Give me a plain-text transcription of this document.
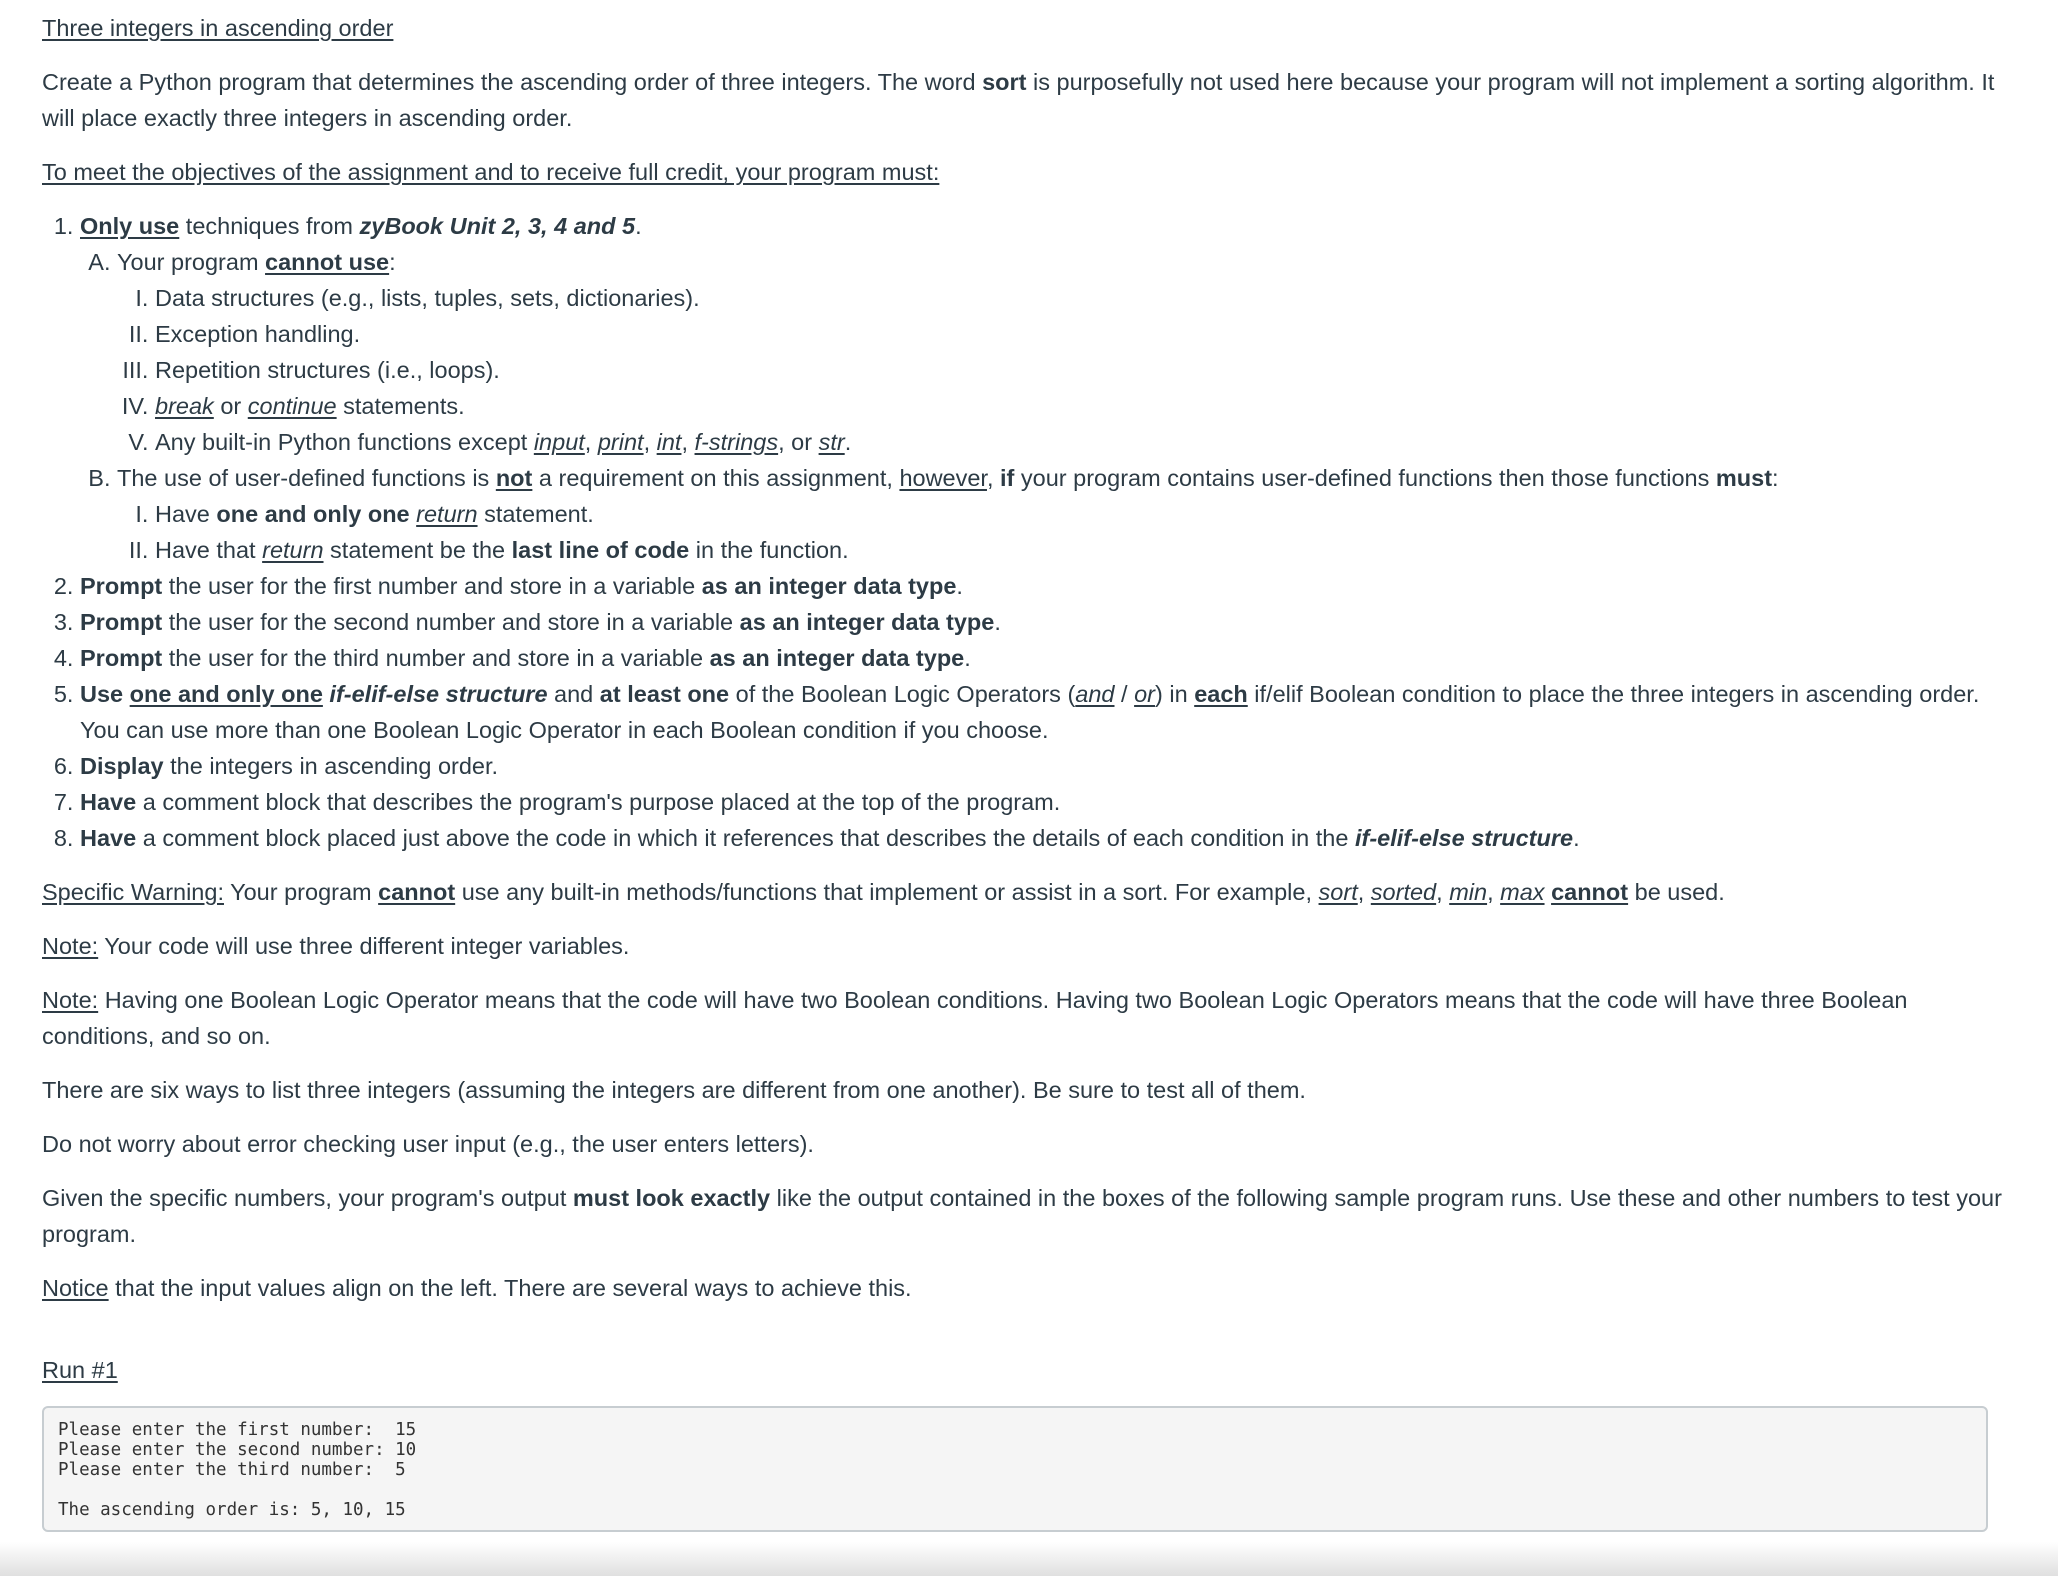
Three integers in ascending order

Create a Python program that determines the ascending order of three integers. The word sort is purposefully not used here because your program will not implement a sorting algorithm. It will place exactly three integers in ascending order.

To meet the objectives of the assignment and to receive full credit, your program must:

1. Only use techniques from zyBook Unit 2, 3, 4 and 5.
A. Your program cannot use:
I. Data structures (e.g., lists, tuples, sets, dictionaries).
II. Exception handling.
III. Repetition structures (i.e., loops).
IV. break or continue statements.
V. Any built-in Python functions except input, print, int, f-strings, or str.
B. The use of user-defined functions is not a requirement on this assignment, however, if your program contains user-defined functions then those functions must:
I. Have one and only one return statement.
II. Have that return statement be the last line of code in the function.
2. Prompt the user for the first number and store in a variable as an integer data type.
3. Prompt the user for the second number and store in a variable as an integer data type.
4. Prompt the user for the third number and store in a variable as an integer data type.
5. Use one and only one if-elif-else structure and at least one of the Boolean Logic Operators (and / or) in each if/elif Boolean condition to place the three integers in ascending order. You can use more than one Boolean Logic Operator in each Boolean condition if you choose.
6. Display the integers in ascending order.
7. Have a comment block that describes the program's purpose placed at the top of the program.
8. Have a comment block placed just above the code in which it references that describes the details of each condition in the if-elif-else structure.

Specific Warning: Your program cannot use any built-in methods/functions that implement or assist in a sort. For example, sort, sorted, min, max cannot be used.

Note: Your code will use three different integer variables.

Note: Having one Boolean Logic Operator means that the code will have two Boolean conditions. Having two Boolean Logic Operators means that the code will have three Boolean conditions, and so on.

There are six ways to list three integers (assuming the integers are different from one another). Be sure to test all of them.

Do not worry about error checking user input (e.g., the user enters letters).

Given the specific numbers, your program's output must look exactly like the output contained in the boxes of the following sample program runs. Use these and other numbers to test your program.

Notice that the input values align on the left. There are several ways to achieve this.

Run #1

Please enter the first number:  15
Please enter the second number: 10
Please enter the third number:  5

The ascending order is: 5, 10, 15
